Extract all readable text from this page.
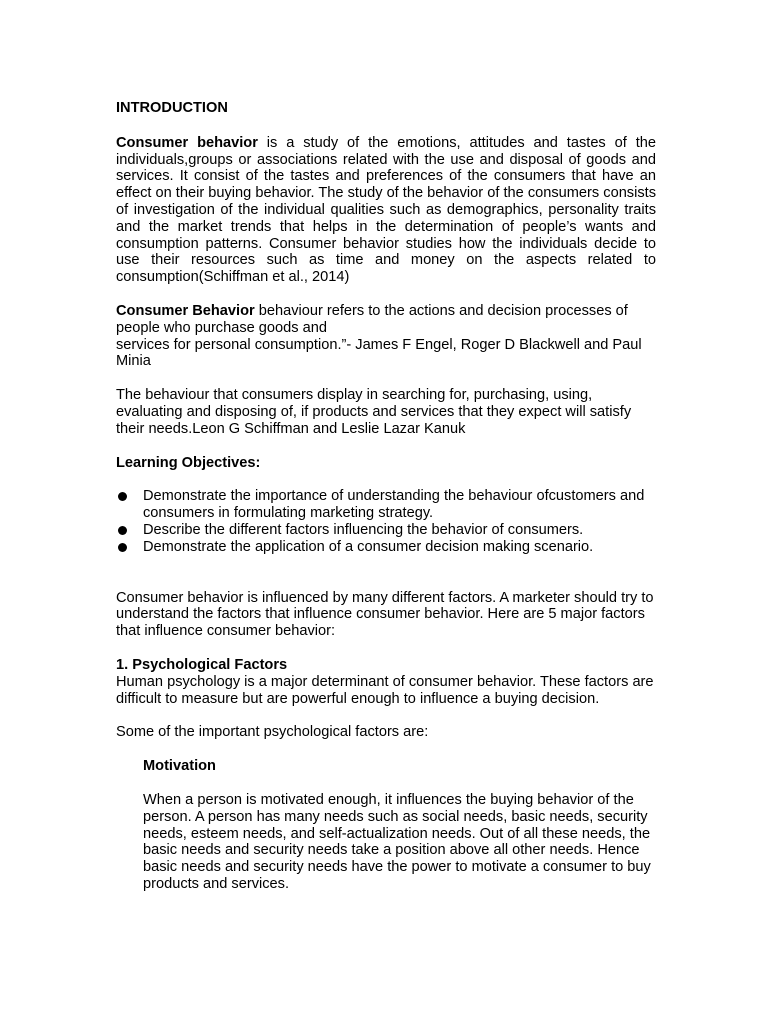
INTRODUCTION

Consumer behavior is a study of the emotions, attitudes and tastes of the individuals,groups or associations related with the use and disposal of goods and services. It consist of the tastes and preferences of the consumers that have an effect on their buying behavior. The study of the behavior of the consumers consists of investigation of the individual qualities such as demographics, personality traits and the market trends that helps in the determination of people’s wants and consumption patterns. Consumer behavior studies how the individuals decide to use their resources such as time and money on the aspects related to consumption(Schiffman et al., 2014)

Consumer Behavior behaviour refers to the actions and decision processes of people who purchase goods and
services for personal consumption.”- James F Engel, Roger D Blackwell and Paul Minia

The behaviour that consumers display in searching for, purchasing, using, evaluating and disposing of, if products and services that they expect will satisfy their needs.Leon G Schiffman and Leslie Lazar Kanuk

Learning Objectives:
Demonstrate the importance of understanding the behaviour ofcustomers and consumers in formulating marketing strategy.
Describe the different factors influencing the behavior of consumers.
Demonstrate the application of a consumer decision making scenario.

Consumer behavior is influenced by many different factors. A marketer should try to understand the factors that influence consumer behavior. Here are 5 major factors that influence consumer behavior:

1. Psychological Factors

Human psychology is a major determinant of consumer behavior. These factors are difficult to measure but are powerful enough to influence a buying decision.

Some of the important psychological factors are:

Motivation

When a person is motivated enough, it influences the buying behavior of the person. A person has many needs such as social needs, basic needs, security needs, esteem needs, and self-actualization needs. Out of all these needs, the basic needs and security needs take a position above all other needs. Hence basic needs and security needs have the power to motivate a consumer to buy products and services.
